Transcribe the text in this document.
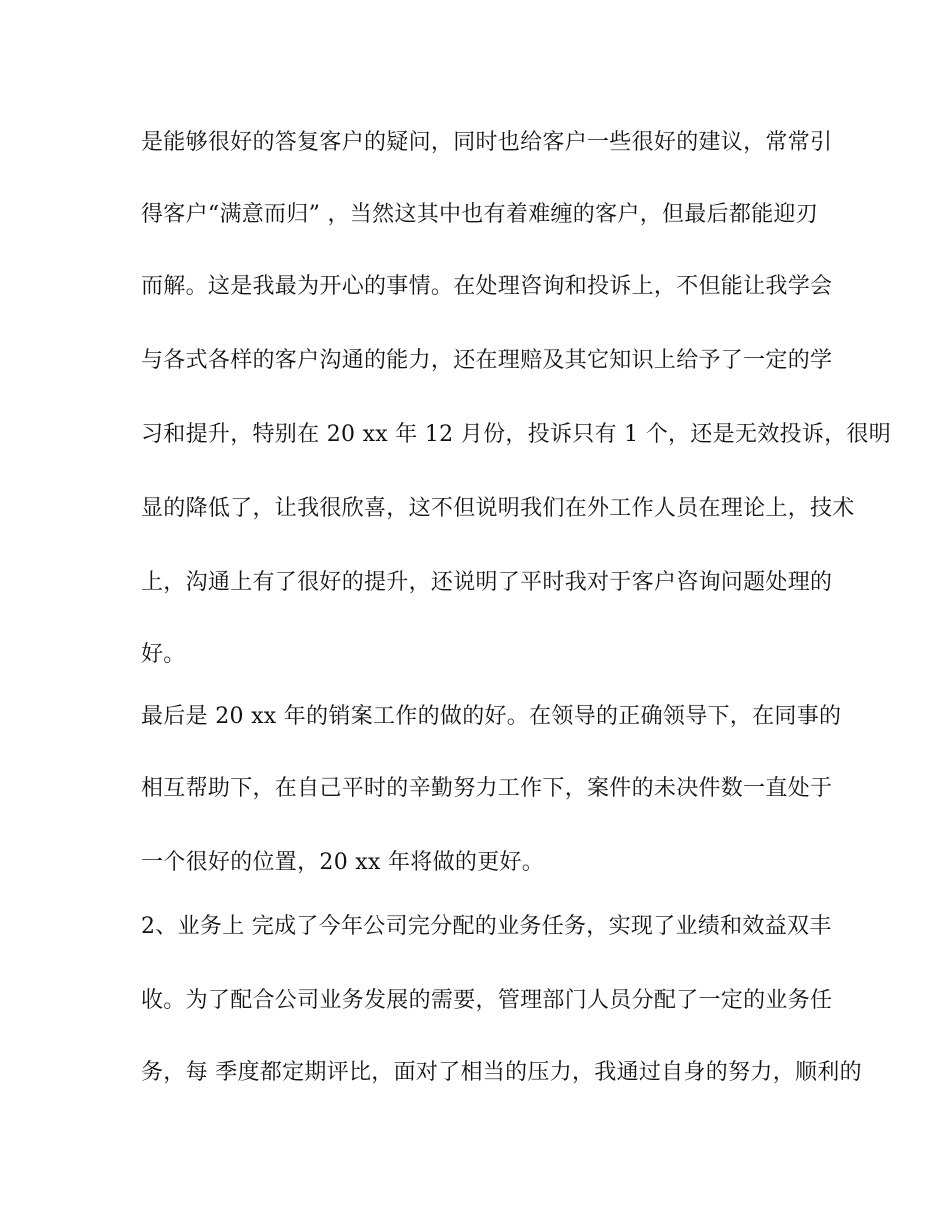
是能够很好的答复客户的疑问，同时也给客户一些很好的建议，常常引
得客户“满意而归” ，当然这其中也有着难缠的客户，但最后都能迎刃
而解。这是我最为开心的事情。在处理咨询和投诉上，不但能让我学会
与各式各样的客户沟通的能力，还在理赔及其它知识上给予了一定的学
习和提升，特别在 20 xx 年 12 月份，投诉只有 1 个，还是无效投诉，很明
显的降低了，让我很欣喜，这不但说明我们在外工作人员在理论上，技术
上，沟通上有了很好的提升，还说明了平时我对于客户咨询问题处理的
好。
最后是 20 xx 年的销案工作的做的好。在领导的正确领导下，在同事的
相互帮助下，在自己平时的辛勤努力工作下，案件的未决件数一直处于
一个很好的位置，20 xx 年将做的更好。
2、业务上 完成了今年公司完分配的业务任务，实现了业绩和效益双丰
收。为了配合公司业务发展的需要，管理部门人员分配了一定的业务任
务，每 季度都定期评比，面对了相当的压力，我通过自身的努力，顺利的
